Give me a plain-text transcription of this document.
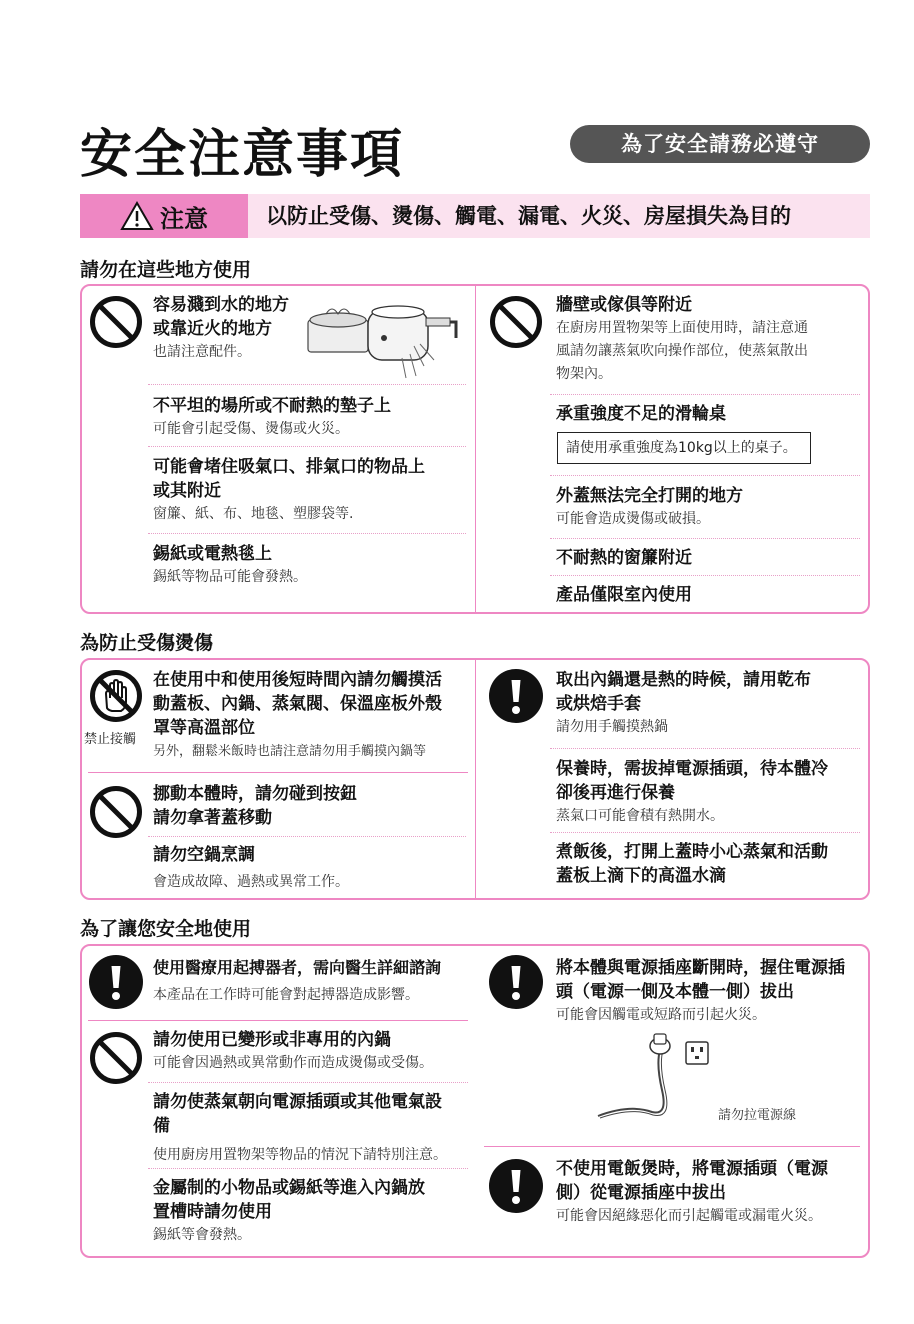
安全注意事項	為了安全請務必遵守
注意	以防止受傷、燙傷、觸電、漏電、火災、房屋損失為目的
請勿在這些地方使用
容易濺到水的地方
或靠近火的地方
也請注意配件。
不平坦的場所或不耐熱的墊子上
可能會引起受傷、燙傷或火災。
可能會堵住吸氣口、排氣口的物品上
或其附近
窗簾、紙、布、地毯、塑膠袋等.
錫紙或電熱毯上
錫紙等物品可能會發熱。
牆壁或傢俱等附近
在廚房用置物架等上面使用時，請注意通
風請勿讓蒸氣吹向操作部位，使蒸氣散出
物架內。
承重強度不足的滑輪桌
請使用承重強度為10kg以上的桌子。
外蓋無法完全打開的地方
可能會造成燙傷或破損。
不耐熱的窗簾附近
產品僅限室內使用
為防止受傷燙傷
禁止接觸
在使用中和使用後短時間內請勿觸摸活
動蓋板、內鍋、蒸氣閥、保溫座板外殼
罩等高溫部位
另外，翻鬆米飯時也請注意請勿用手觸摸內鍋等
挪動本體時，請勿碰到按鈕
請勿拿著蓋移動
請勿空鍋烹調
會造成故障、過熱或異常工作。
取出內鍋還是熱的時候，請用乾布
或烘焙手套
請勿用手觸摸熱鍋
保養時，需拔掉電源插頭，待本體冷
卻後再進行保養
蒸氣口可能會積有熱開水。
煮飯後，打開上蓋時小心蒸氣和活動
蓋板上滴下的高溫水滴
為了讓您安全地使用
使用醫療用起搏器者，需向醫生詳細諮詢
本產品在工作時可能會對起搏器造成影響。
請勿使用已變形或非專用的內鍋
可能會因過熱或異常動作而造成燙傷或受傷。
請勿使蒸氣朝向電源插頭或其他電氣設
備
使用廚房用置物架等物品的情況下請特別注意。
金屬制的小物品或錫紙等進入內鍋放
置槽時請勿使用
錫紙等會發熱。
將本體與電源插座斷開時，握住電源插
頭（電源一側及本體一側）拔出
可能會因觸電或短路而引起火災。
請勿拉電源線
不使用電飯煲時，將電源插頭（電源
側）從電源插座中拔出
可能會因絕緣惡化而引起觸電或漏電火災。
